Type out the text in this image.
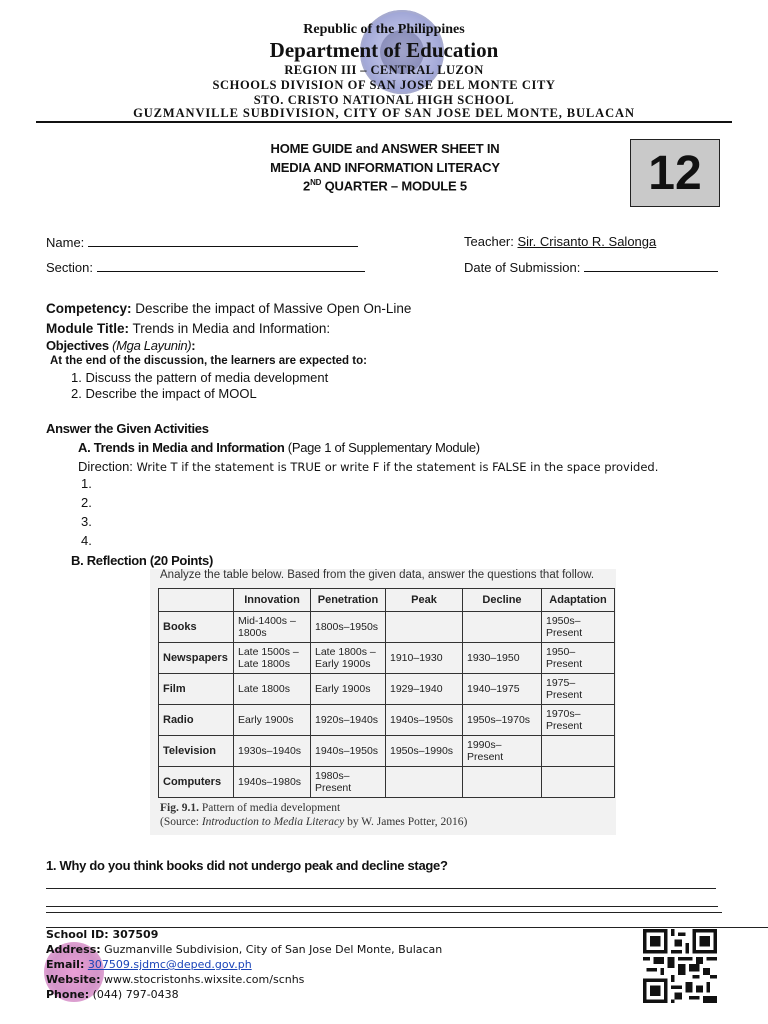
Republic of the Philippines
Department of Education
REGION III – CENTRAL LUZON
SCHOOLS DIVISION OF SAN JOSE DEL MONTE CITY
STO. CRISTO NATIONAL HIGH SCHOOL
GUZMANVILLE SUBDIVISION, CITY OF SAN JOSE DEL MONTE, BULACAN
HOME GUIDE and ANSWER SHEET IN
MEDIA AND INFORMATION LITERACY
2ND QUARTER – MODULE 5	12
Name:
Section:
Teacher: Sir. Crisanto R. Salonga
Date of Submission:
Competency: Describe the impact of Massive Open On-Line
Module Title: Trends in Media and Information:
Objectives (Mga Layunin):
At the end of the discussion, the learners are expected to:
1. Discuss the pattern of media development
2. Describe the impact of MOOL
Answer the Given Activities
A. Trends in Media and Information (Page 1 of Supplementary Module)
Direction: Write T if the statement is TRUE or write F if the statement is FALSE in the space provided.
1.
2.
3.
4.
B. Reflection (20 Points)
Analyze the table below. Based from the given data, answer the questions that follow.
	Innovation	Penetration	Peak	Decline	Adaptation
Books	Mid-1400s – 1800s	1800s–1950s			1950s– Present
Newspapers	Late 1500s – Late 1800s	Late 1800s – Early 1900s	1910–1930	1930–1950	1950– Present
Film	Late 1800s	Early 1900s	1929–1940	1940–1975	1975– Present
Radio	Early 1900s	1920s–1940s	1940s–1950s	1950s–1970s	1970s– Present
Television	1930s–1940s	1940s–1950s	1950s–1990s	1990s– Present	
Computers	1940s–1980s	1980s– Present			
Fig. 9.1. Pattern of media development
(Source: Introduction to Media Literacy by W. James Potter, 2016)
1. Why do you think books did not undergo peak and decline stage?
School ID: 307509
Address: Guzmanville Subdivision, City of San Jose Del Monte, Bulacan
Email: 307509.sjdmc@deped.gov.ph
Website: www.stocristonhs.wixsite.com/scnhs
Phone: (044) 797-0438
